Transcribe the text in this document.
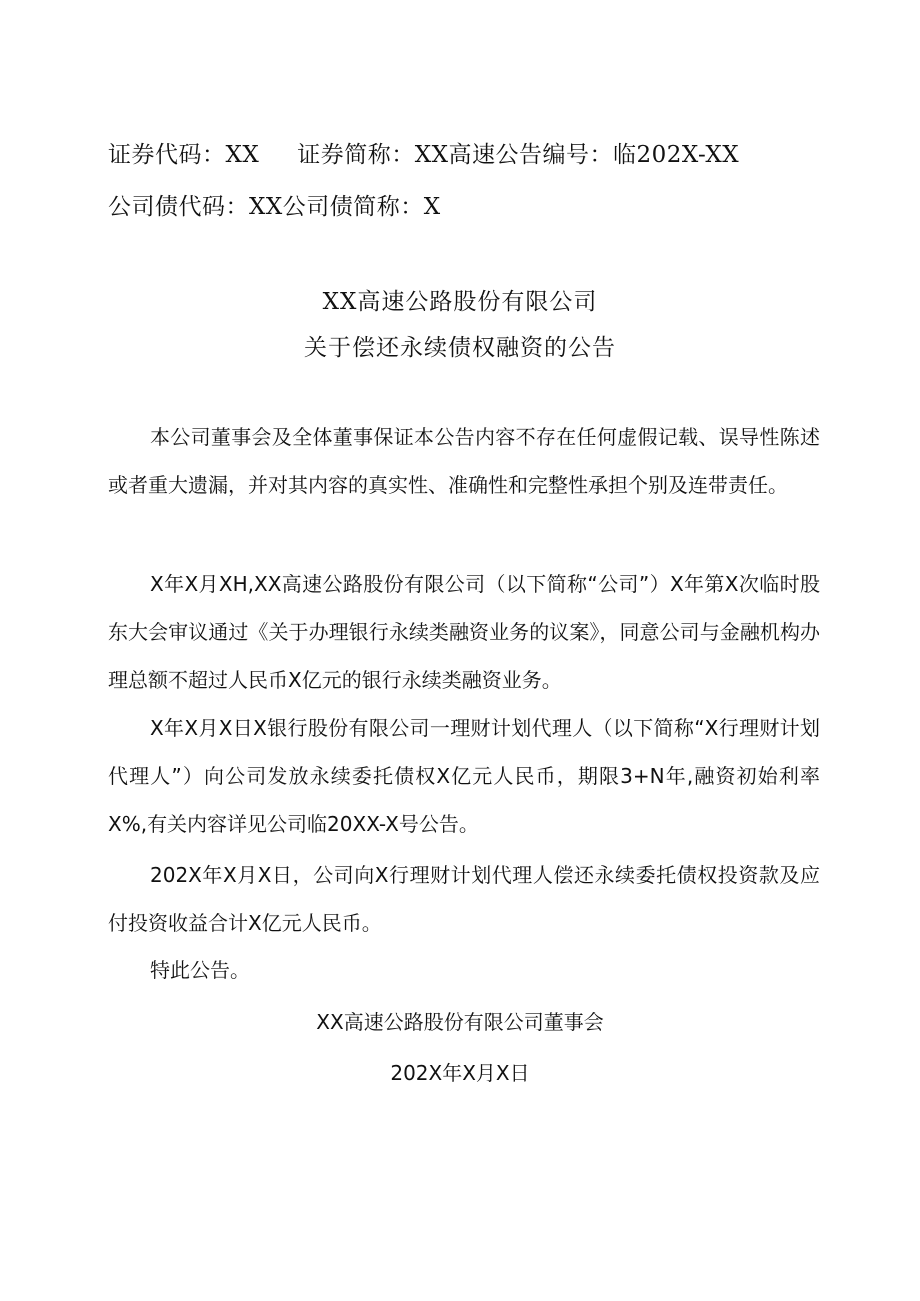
证券代码：XX 证券简称：XX高速公告编号：临202X-XX
公司债代码：XX公司债简称：X
XX高速公路股份有限公司
关于偿还永续债权融资的公告

本公司董事会及全体董事保证本公告内容不存在任何虚假记载、误导性陈述或者重大遗漏，并对其内容的真实性、准确性和完整性承担个别及连带责任。

X年X月XH,XX高速公路股份有限公司（以下简称“公司”）X年第X次临时股东大会审议通过《关于办理银行永续类融资业务的议案》，同意公司与金融机构办理总额不超过人民币X亿元的银行永续类融资业务。

X年X月X日X银行股份有限公司一理财计划代理人（以下简称“X行理财计划代理人”）向公司发放永续委托债权X亿元人民币，期限3+N年,融资初始利率X%,有关内容详见公司临20XX-X号公告。

202X年X月X日，公司向X行理财计划代理人偿还永续委托债权投资款及应付投资收益合计X亿元人民币。

特此公告。

XX高速公路股份有限公司董事会
202X年X月X日
